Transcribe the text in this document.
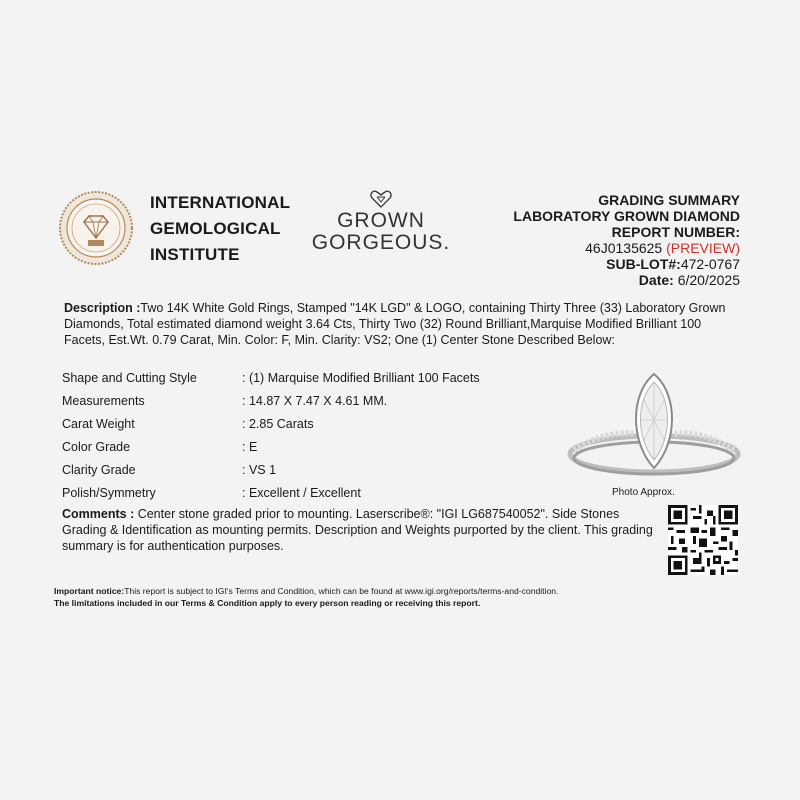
INTERNATIONAL
GEMOLOGICAL
INSTITUTE
GROWN
GORGEOUS.
GRADING SUMMARY
LABORATORY GROWN DIAMOND
REPORT NUMBER:
46J0135625 (PREVIEW)
SUB-LOT#:472-0767
Date: 6/20/2025
Description :Two 14K White Gold Rings, Stamped "14K LGD" & LOGO, containing Thirty Three (33) Laboratory Grown Diamonds, Total estimated diamond weight 3.64 Cts, Thirty Two (32) Round Brilliant,Marquise Modified Brilliant 100 Facets, Est.Wt. 0.79 Carat, Min. Color: F, Min. Clarity: VS2; One (1) Center Stone Described Below:
Shape and Cutting Style	: (1) Marquise Modified Brilliant 100 Facets
Measurements	: 14.87 X 7.47 X 4.61 MM.
Carat Weight	: 2.85 Carats
Color Grade	: E
Clarity Grade	: VS 1
Polish/Symmetry	: Excellent / Excellent	Photo Approx.
Comments : Center stone graded prior to mounting. Laserscribe®: "IGI LG687540052". Side Stones Grading & Identification as mounting permits. Description and Weights purported by the client. This grading summary is for authentication purposes.
Important notice:This report is subject to IGI's Terms and Condition, which can be found at www.igi.org/reports/terms-and-condition.
The limitations included in our Terms & Condition apply to every person reading or receiving this report.
